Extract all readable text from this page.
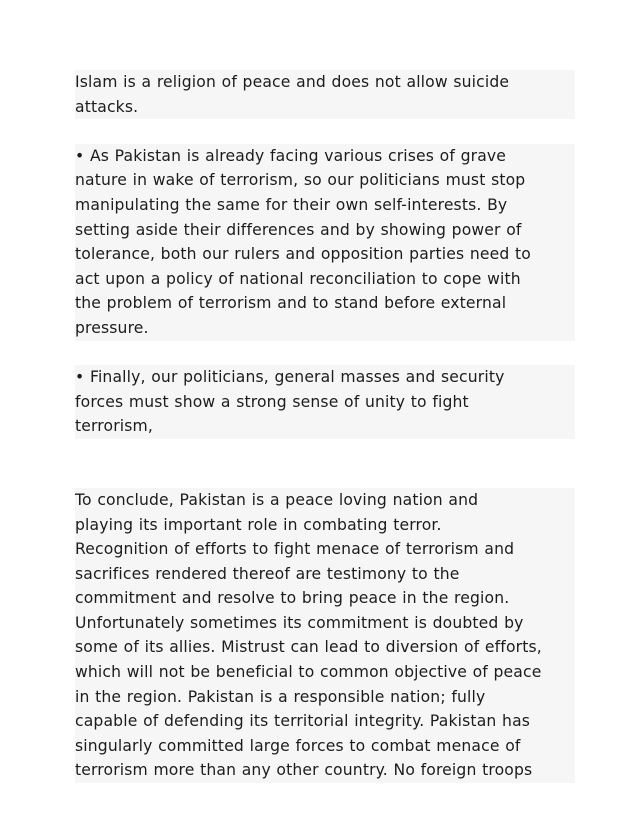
Islam is a religion of peace and does not allow suicide
attacks.
• As Pakistan is already facing various crises of grave
nature in wake of terrorism, so our politicians must stop
manipulating the same for their own self-interests. By
setting aside their differences and by showing power of
tolerance, both our rulers and opposition parties need to
act upon a policy of national reconciliation to cope with
the problem of terrorism and to stand before external
pressure.
• Finally, our politicians, general masses and security
forces must show a strong sense of unity to fight
terrorism,
To conclude, Pakistan is a peace loving nation and
playing its important role in combating terror.
Recognition of efforts to fight menace of terrorism and
sacrifices rendered thereof are testimony to the
commitment and resolve to bring peace in the region.
Unfortunately sometimes its commitment is doubted by
some of its allies. Mistrust can lead to diversion of efforts,
which will not be beneficial to common objective of peace
in the region. Pakistan is a responsible nation; fully
capable of defending its territorial integrity. Pakistan has
singularly committed large forces to combat menace of
terrorism more than any other country. No foreign troops
